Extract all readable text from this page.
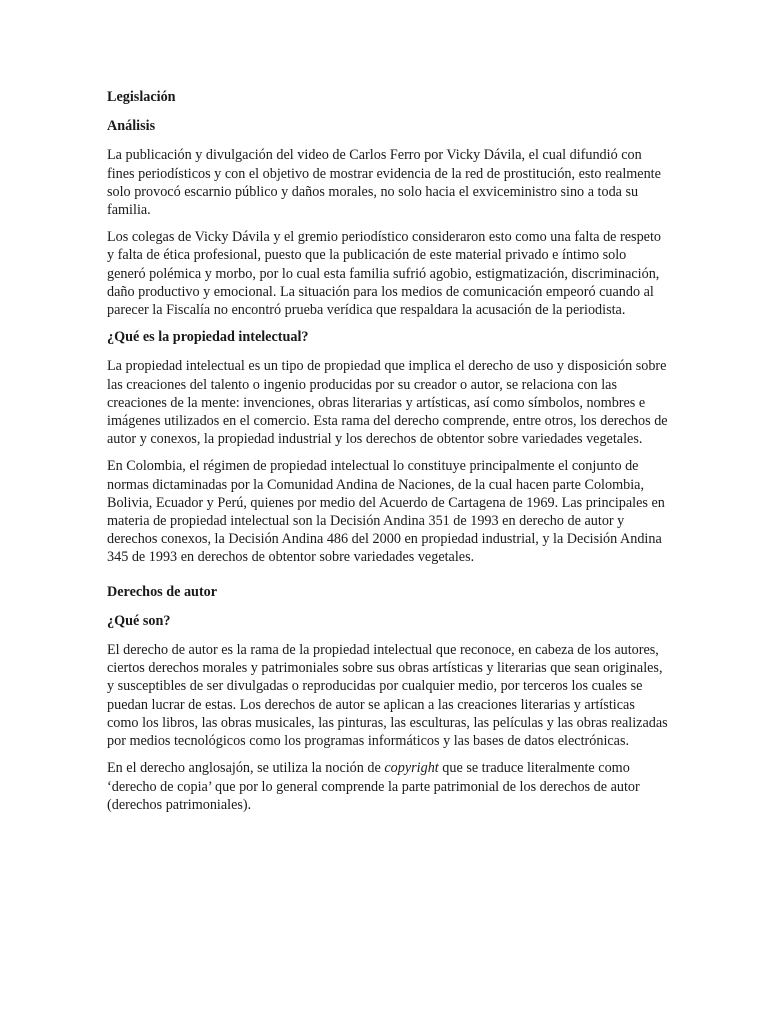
Legislación
Análisis

La publicación y divulgación del video de Carlos Ferro por Vicky Dávila, el cual difundió con fines periodísticos y con el objetivo de mostrar evidencia de la red de prostitución, esto realmente solo provocó escarnio público y daños morales, no solo hacia el exviceministro sino a toda su familia.

Los colegas de Vicky Dávila y el gremio periodístico consideraron esto como una falta de respeto y falta de ética profesional, puesto que la publicación de este material privado e íntimo solo generó polémica y morbo, por lo cual esta familia sufrió agobio, estigmatización, discriminación, daño productivo y emocional. La situación para los medios de comunicación empeoró cuando al parecer la Fiscalía no encontró prueba verídica que respaldara la acusación de la periodista.

¿Qué es la propiedad intelectual?

La propiedad intelectual es un tipo de propiedad que implica el derecho de uso y disposición sobre las creaciones del talento o ingenio producidas por su creador o autor, se relaciona con las creaciones de la mente: invenciones, obras literarias y artísticas, así como símbolos, nombres e imágenes utilizados en el comercio. Esta rama del derecho comprende, entre otros, los derechos de autor y conexos, la propiedad industrial y los derechos de obtentor sobre variedades vegetales.

En Colombia, el régimen de propiedad intelectual lo constituye principalmente el conjunto de normas dictaminadas por la Comunidad Andina de Naciones, de la cual hacen parte Colombia, Bolivia, Ecuador y Perú, quienes por medio del Acuerdo de Cartagena de 1969. Las principales en materia de propiedad intelectual son la Decisión Andina 351 de 1993 en derecho de autor y derechos conexos, la Decisión Andina 486 del 2000 en propiedad industrial, y la Decisión Andina 345 de 1993 en derechos de obtentor sobre variedades vegetales.

Derechos de autor
¿Qué son?

El derecho de autor es la rama de la propiedad intelectual que reconoce, en cabeza de los autores, ciertos derechos morales y patrimoniales sobre sus obras artísticas y literarias que sean originales, y susceptibles de ser divulgadas o reproducidas por cualquier medio, por terceros los cuales se puedan lucrar de estas. Los derechos de autor se aplican a las creaciones literarias y artísticas como los libros, las obras musicales, las pinturas, las esculturas, las películas y las obras realizadas por medios tecnológicos como los programas informáticos y las bases de datos electrónicas.

En el derecho anglosajón, se utiliza la noción de copyright que se traduce literalmente como ‘derecho de copia’ que por lo general comprende la parte patrimonial de los derechos de autor (derechos patrimoniales).
